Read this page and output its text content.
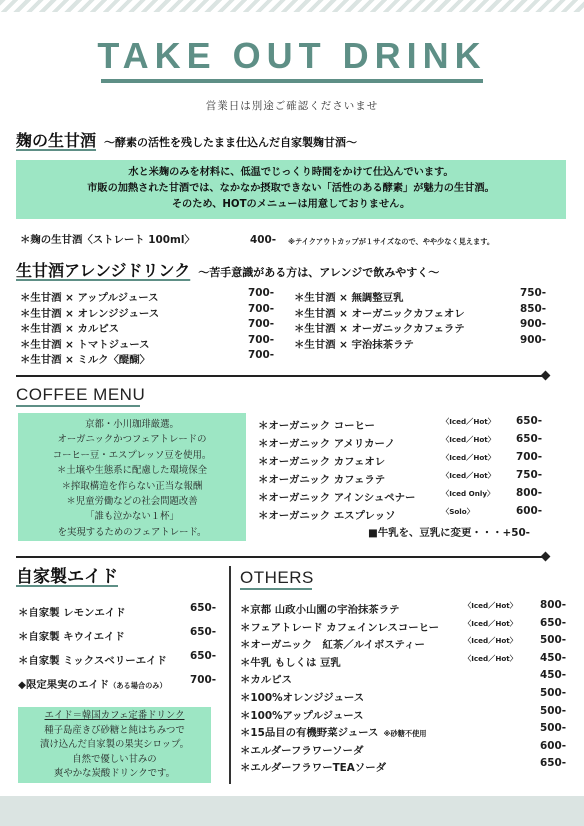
TAKE OUT DRINK
営業日は別途ご確認くださいませ
麹の生甘酒 ～酵素の活性を残したまま仕込んだ自家製麹甘酒～
水と米麹のみを材料に、低温でじっくり時間をかけて仕込んでいます。
市販の加熱された甘酒では、なかなか摂取できない「活性のある酵素」が魅力の生甘酒。
そのため、HOTのメニューは用意しておりません。
＊麹の生甘酒〈ストレート 100ml〉	400- ※テイクアウトカップが１サイズなので、やや少なく見えます。
生甘酒アレンジドリンク ～苦手意識がある方は、アレンジで飲みやすく～
＊生甘酒 × アップルジュース	700-
＊生甘酒 × オレンジジュース	700-
＊生甘酒 × カルピス	700-
＊生甘酒 × トマトジュース	700-
＊生甘酒 × ミルク〈醍醐〉	700-
＊生甘酒 × 無調整豆乳	750-
＊生甘酒 × オーガニックカフェオレ	850-
＊生甘酒 × オーガニックカフェラテ	900-
＊生甘酒 × 宇治抹茶ラテ	900-
COFFEE MENU
京都・小川珈琲厳選。
オーガニックかつフェアトレードの
コーヒー豆・エスプレッソ豆を使用。
＊土壌や生態系に配慮した環境保全
＊搾取構造を作らない正当な報酬
＊児童労働などの社会問題改善
「誰も泣かない１杯」
を実現するためのフェアトレード。
＊オーガニック コーヒー	〈Iced／Hot〉 650-
＊オーガニック アメリカーノ	〈Iced／Hot〉 650-
＊オーガニック カフェオレ	〈Iced／Hot〉 700-
＊オーガニック カフェラテ	〈Iced／Hot〉 750-
＊オーガニック アインシュペナー	〈Iced Only〉 800-
＊オーガニック エスプレッソ	〈Solo〉	600-
■牛乳を、豆乳に変更・・・+50-
自家製エイド
＊自家製 レモンエイド	650-
＊自家製 キウイエイド	650-
＊自家製 ミックスベリーエイド 650-
◆限定果実のエイド（ある場合のみ） 700-
エイド＝韓国カフェ定番ドリンク
種子島産きび砂糖と純はちみつで
漬け込んだ自家製の果実シロップ。
自然で優しい甘みの
爽やかな炭酸ドリンクです。
OTHERS
＊京都 山政小山園の宇治抹茶ラテ	〈Iced／Hot〉 800-
＊フェアトレード カフェインレスコーヒー	〈Iced／Hot〉 650-
＊オーガニック　紅茶／ルイボスティー	〈Iced／Hot〉 500-
＊牛乳 もしくは 豆乳	〈Iced／Hot〉 450-
＊カルピス	450-
＊100%オレンジジュース	500-
＊100%アップルジュース	500-
＊15品目の有機野菜ジュース ※砂糖不使用	500-
＊エルダーフラワーソーダ	600-
＊エルダーフラワーTEAソーダ	650-
